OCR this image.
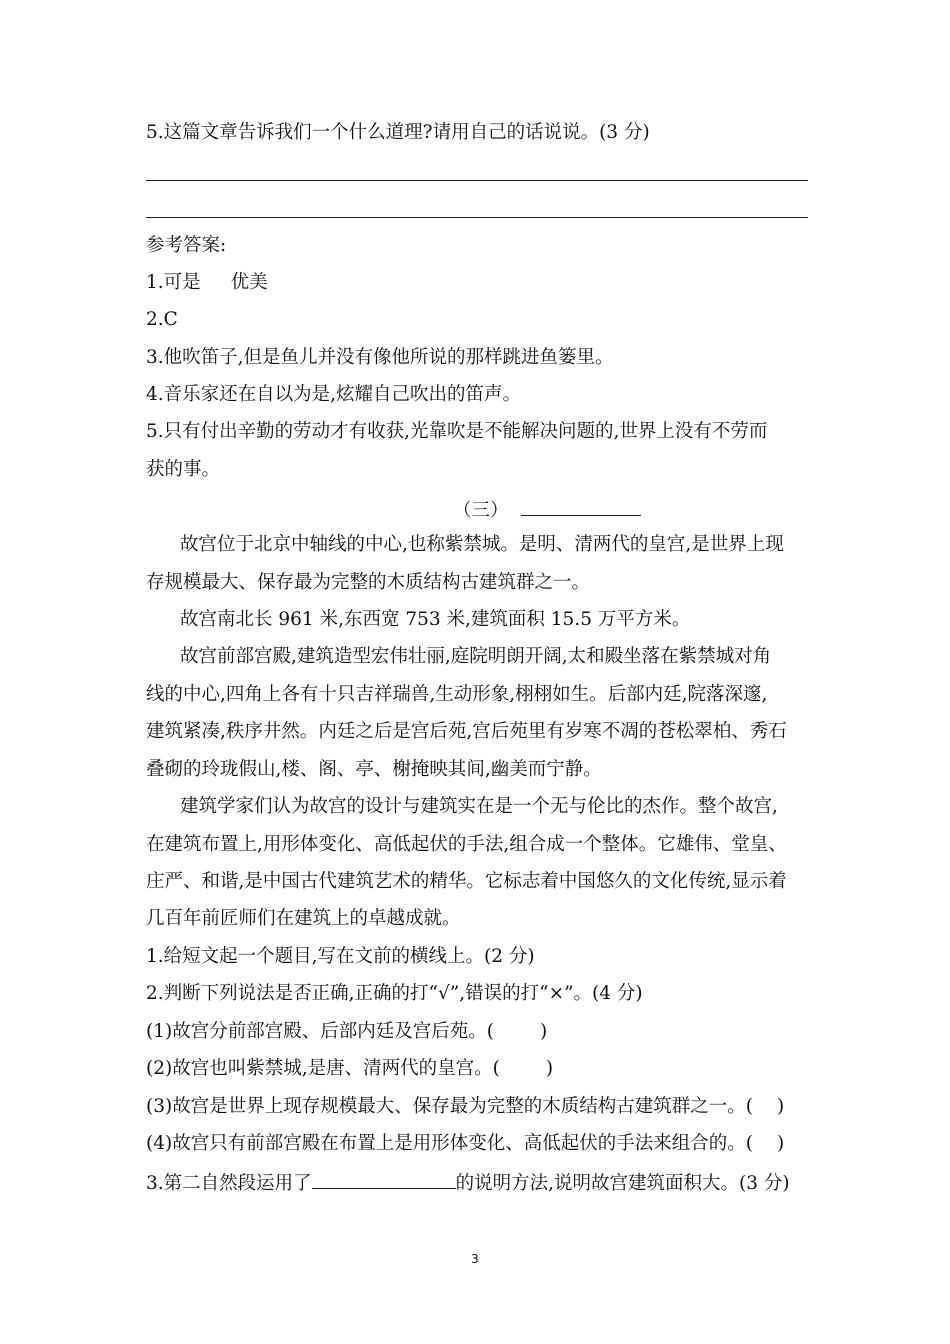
5.这篇文章告诉我们一个什么道理?请用自己的话说说。(3 分)
参考答案:
1.可是 优美
2.C
3.他吹笛子,但是鱼儿并没有像他所说的那样跳进鱼篓里。
4.音乐家还在自以为是,炫耀自己吹出的笛声。
5.只有付出辛勤的劳动才有收获,光靠吹是不能解决问题的,世界上没有不劳而
获的事。
（三）
故宫位于北京中轴线的中心,也称紫禁城。是明、清两代的皇宫,是世界上现
存规模最大、保存最为完整的木质结构古建筑群之一。
故宫南北长 961 米,东西宽 753 米,建筑面积 15.5 万平方米。
故宫前部宫殿,建筑造型宏伟壮丽,庭院明朗开阔,太和殿坐落在紫禁城对角
线的中心,四角上各有十只吉祥瑞兽,生动形象,栩栩如生。后部内廷,院落深邃,
建筑紧凑,秩序井然。内廷之后是宫后苑,宫后苑里有岁寒不凋的苍松翠柏、秀石
叠砌的玲珑假山,楼、阁、亭、榭掩映其间,幽美而宁静。
建筑学家们认为故宫的设计与建筑实在是一个无与伦比的杰作。整个故宫,
在建筑布置上,用形体变化、高低起伏的手法,组合成一个整体。它雄伟、堂皇、
庄严、和谐,是中国古代建筑艺术的精华。它标志着中国悠久的文化传统,显示着
几百年前匠师们在建筑上的卓越成就。
1.给短文起一个题目,写在文前的横线上。(2 分)
2.判断下列说法是否正确,正确的打“√”,错误的打“×”。(4 分)
(1)故宫分前部宫殿、后部内廷及宫后苑。( )
(2)故宫也叫紫禁城,是唐、清两代的皇宫。( )
(3)故宫是世界上现存规模最大、保存最为完整的木质结构古建筑群之一。( )
(4)故宫只有前部宫殿在布置上是用形体变化、高低起伏的手法来组合的。( )
3.第二自然段运用了	的说明方法,说明故宫建筑面积大。(3 分)
3
